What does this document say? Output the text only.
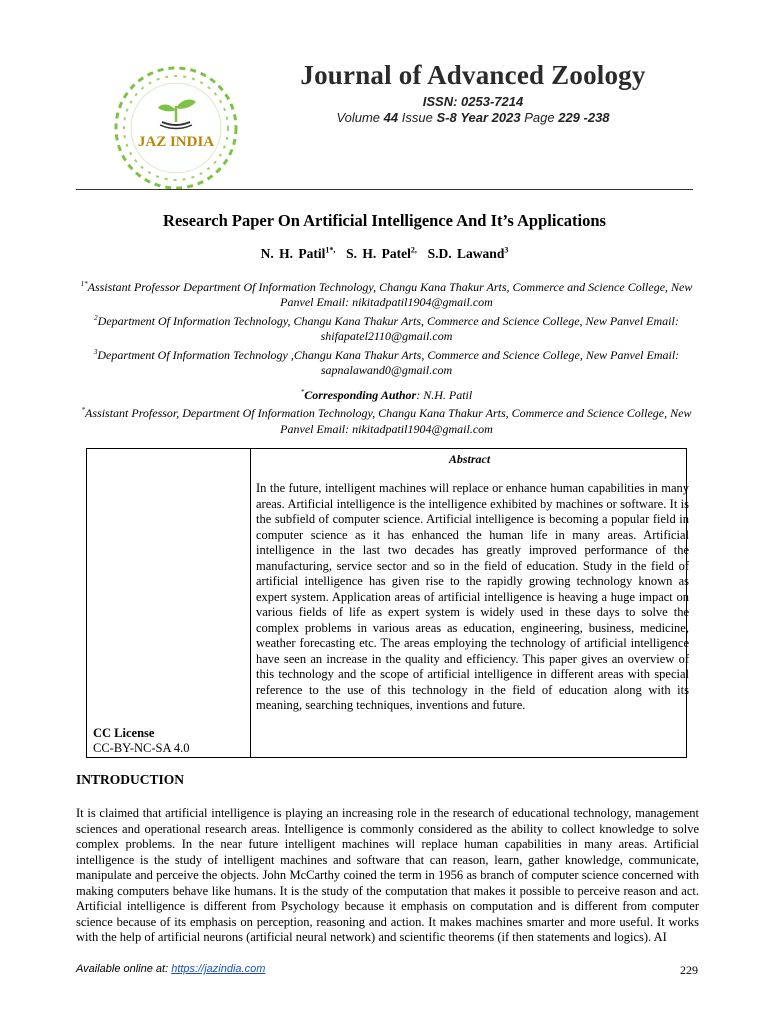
JAZ INDIA
Journal of Advanced Zoology
ISSN: 0253-7214
Volume 44 Issue S-8 Year 2023 Page 229 -238
Research Paper On Artificial Intelligence And It’s Applications
N. H. Patil$^{1*,}$ S. H. Patel$^{2,}$ S.D. Lawand$^3$

$^{1*}$Assistant Professor Department Of Information Technology, Changu Kana Thakur Arts, Commerce and Science College, New Panvel Email: nikitadpatil1904@gmail.com

$^2$Department Of Information Technology, Changu Kana Thakur Arts, Commerce and Science College, New Panvel Email: shifapatel2110@gmail.com

$^3$Department Of Information Technology ,Changu Kana Thakur Arts, Commerce and Science College, New Panvel Email: sapnalawand0@gmail.com

*Corresponding Author: N.H. Patil

*Assistant Professor, Department Of Information Technology, Changu Kana Thakur Arts, Commerce and Science College, New Panvel Email: nikitadpatil1904@gmail.com

CC License
CC-BY-NC-SA 4.0
Abstract
In the future, intelligent machines will replace or enhance human capabilities in many areas. Artificial intelligence is the intelligence exhibited by machines or software. It is the subfield of computer science. Artificial intelligence is becoming a popular field in computer science as it has enhanced the human life in many areas. Artificial intelligence in the last two decades has greatly improved performance of the manufacturing, service sector and so in the field of education. Study in the field of artificial intelligence has given rise to the rapidly growing technology known as expert system. Application areas of artificial intelligence is heaving a huge impact on various fields of life as expert system is widely used in these days to solve the complex problems in various areas as education, engineering, business, medicine, weather forecasting etc. The areas employing the technology of artificial intelligence have seen an increase in the quality and efficiency. This paper gives an overview of this technology and the scope of artificial intelligence in different areas with special reference to the use of this technology in the field of education along with its meaning, searching techniques, inventions and future.
INTRODUCTION
It is claimed that artificial intelligence is playing an increasing role in the research of educational technology, management sciences and operational research areas. Intelligence is commonly considered as the ability to collect knowledge to solve complex problems. In the near future intelligent machines will replace human capabilities in many areas. Artificial intelligence is the study of intelligent machines and software that can reason, learn, gather knowledge, communicate, manipulate and perceive the objects. John McCarthy coined the term in 1956 as branch of computer science concerned with making computers behave like humans. It is the study of the computation that makes it possible to perceive reason and act. Artificial intelligence is different from Psychology because it emphasis on computation and is different from computer science because of its emphasis on perception, reasoning and action. It makes machines smarter and more useful. It works with the help of artificial neurons (artificial neural network) and scientific theorems (if then statements and logics). AI
Available online at: https://jazindia.com	229
